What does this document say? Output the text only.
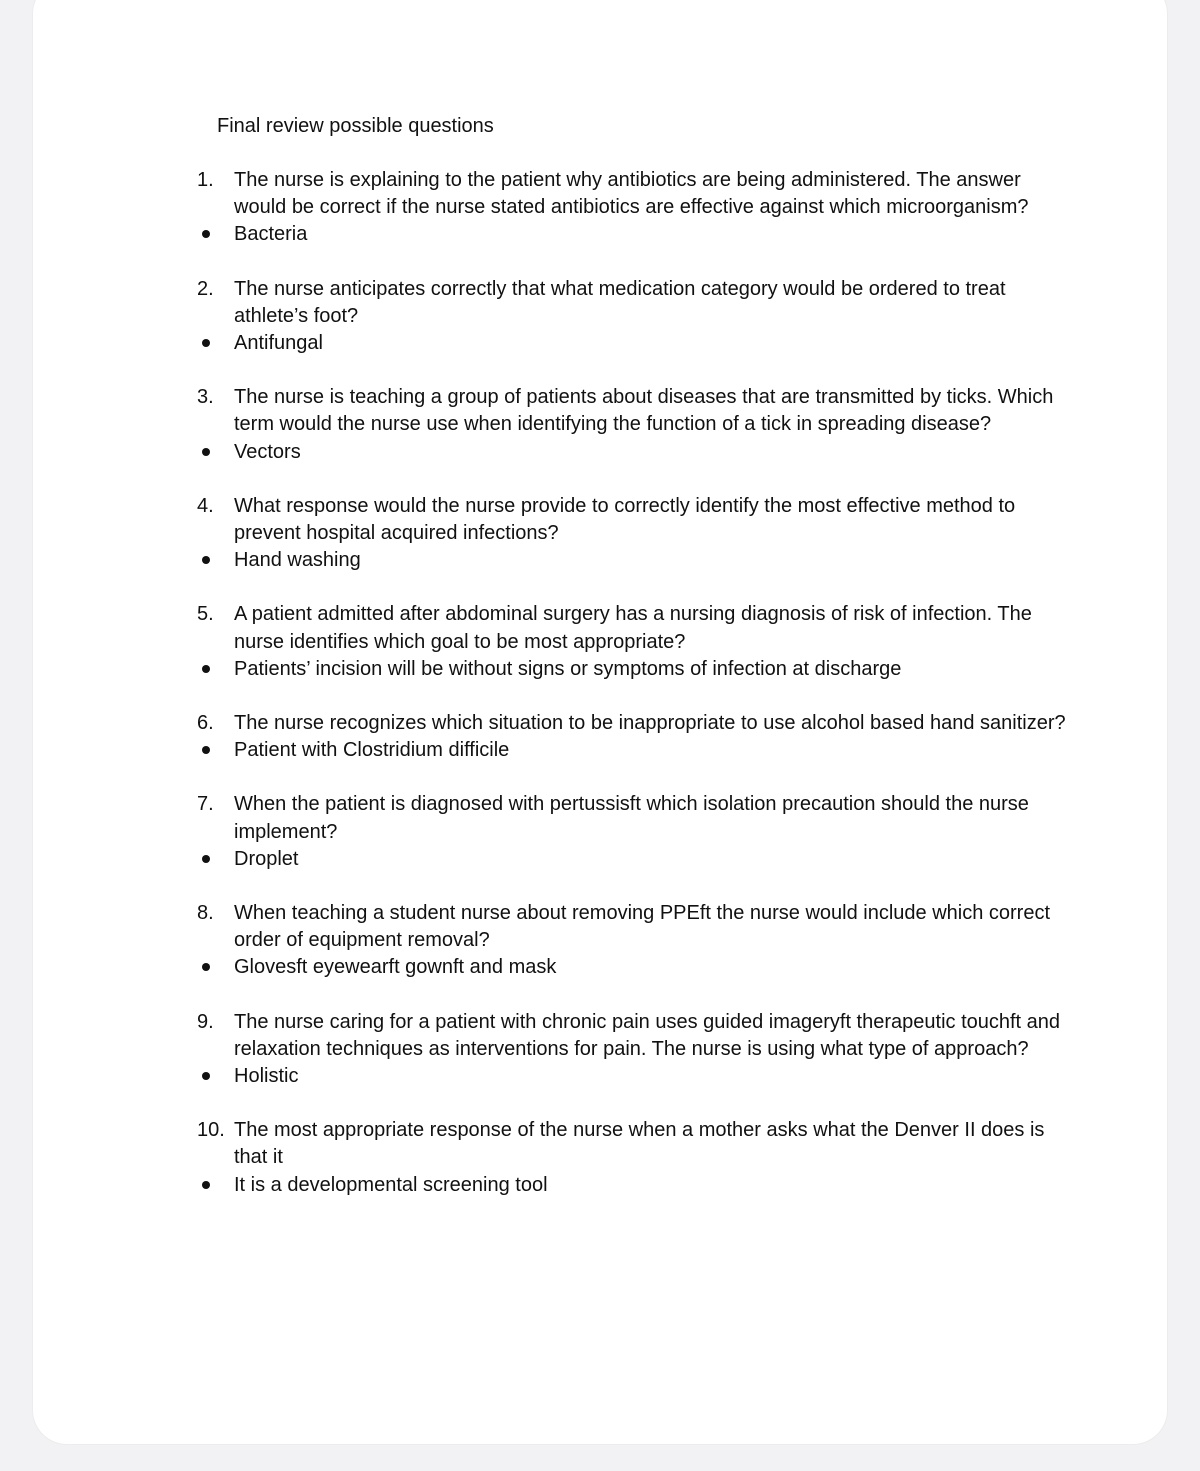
Final review possible questions
1.	The nurse is explaining to the patient why antibiotics are being administered. The answer would be correct if the nurse stated antibiotics are effective against which microorganism?

Bacteria

2.	The nurse anticipates correctly that what medication category would be ordered to treat athlete’s foot?

Antifungal

3.	The nurse is teaching a group of patients about diseases that are transmitted by ticks. Which term would the nurse use when identifying the function of a tick in spreading disease?

Vectors

4.	What response would the nurse provide to correctly identify the most effective method to prevent hospital acquired infections?

Hand washing

5.	A patient admitted after abdominal surgery has a nursing diagnosis of risk of infection. The nurse identifies which goal to be most appropriate?

Patients’ incision will be without signs or symptoms of infection at discharge

6.	The nurse recognizes which situation to be inappropriate to use alcohol based hand sanitizer?

Patient with Clostridium difficile

7.	When the patient is diagnosed with pertussisft which isolation precaution should the nurse implement?

Droplet

8.	When teaching a student nurse about removing PPEft the nurse would include which correct order of equipment removal?

Glovesft eyewearft gownft and mask

9.	The nurse caring for a patient with chronic pain uses guided imageryft therapeutic touchft and relaxation techniques as interventions for pain. The nurse is using what type of approach?

Holistic

10. The most appropriate response of the nurse when a mother asks what the Denver II does is that it

It is a developmental screening tool
